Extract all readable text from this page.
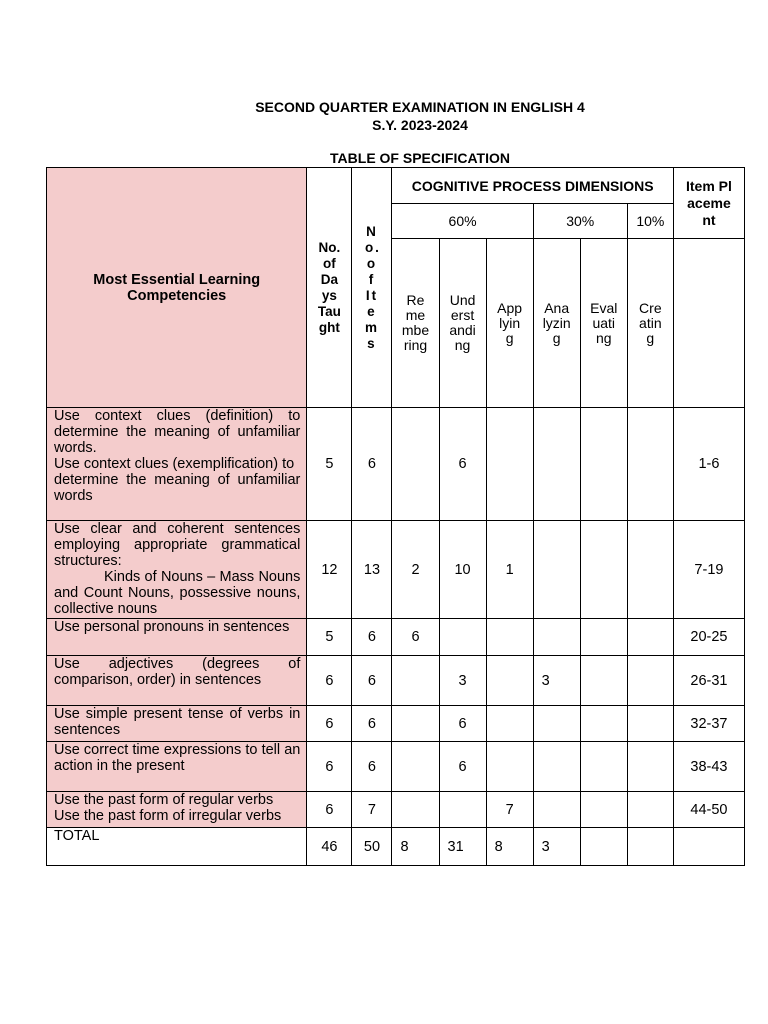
SECOND QUARTER EXAMINATION IN ENGLISH 4
S.Y. 2023-2024
TABLE OF SPECIFICATION
Most Essential Learning Competencies	No. of Days Taught	No. of Items	COGNITIVE PROCESS DIMENSIONS						Item Placement
			60%			30%		10%	
			Remembering	Understanding	Applying	Analyzing	Evaluating	Creating	

Use context clues (definition) to determine the meaning of unfamiliar words.
Use context clues (exemplification) to
determine the meaning of unfamiliar words	5	6		6					1-6

Use clear and coherent sentences employing appropriate grammatical structures:
Kinds of Nouns – Mass Nouns and Count Nouns, possessive nouns, collective nouns	12	13	2	10	1				7-19

Use personal pronouns in sentences	5	6	6						20-25

Use adjectives (degrees of comparison, order) in sentences	6	6		3		3			26-31

Use simple present tense of verbs in sentences	6	6		6					32-37

Use correct time expressions to tell an action in the present	6	6		6					38-43

Use the past form of regular verbs
Use the past form of irregular verbs	6	7			7				44-50
TOTAL	46	50	8	31	8	3			
